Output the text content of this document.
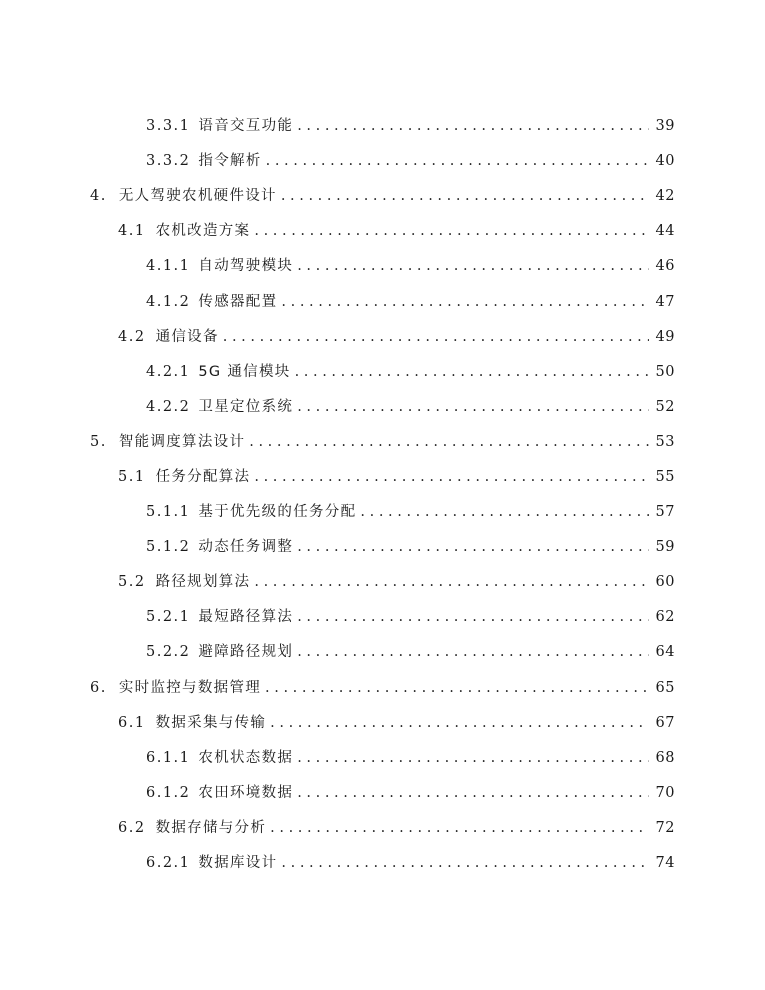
3.3.1 语音交互功能 .....	39
3.3.2 指令解析 .....	40
4. 无人驾驶农机硬件设计 .....	42
4.1 农机改造方案 .....	44
4.1.1 自动驾驶模块 .....	46
4.1.2 传感器配置 .....	47
4.2 通信设备 .....	49
4.2.1 5G 通信模块 .....	50
4.2.2 卫星定位系统 .....	52
5. 智能调度算法设计 .....	53
5.1 任务分配算法 .....	55
5.1.1 基于优先级的任务分配 .....	57
5.1.2 动态任务调整 .....	59
5.2 路径规划算法 .....	60
5.2.1 最短路径算法 .....	62
5.2.2 避障路径规划 .....	64
6. 实时监控与数据管理 .....	65
6.1 数据采集与传输 .....	67
6.1.1 农机状态数据 .....	68
6.1.2 农田环境数据 .....	70
6.2 数据存储与分析 .....	72
6.2.1 数据库设计 .....	74
